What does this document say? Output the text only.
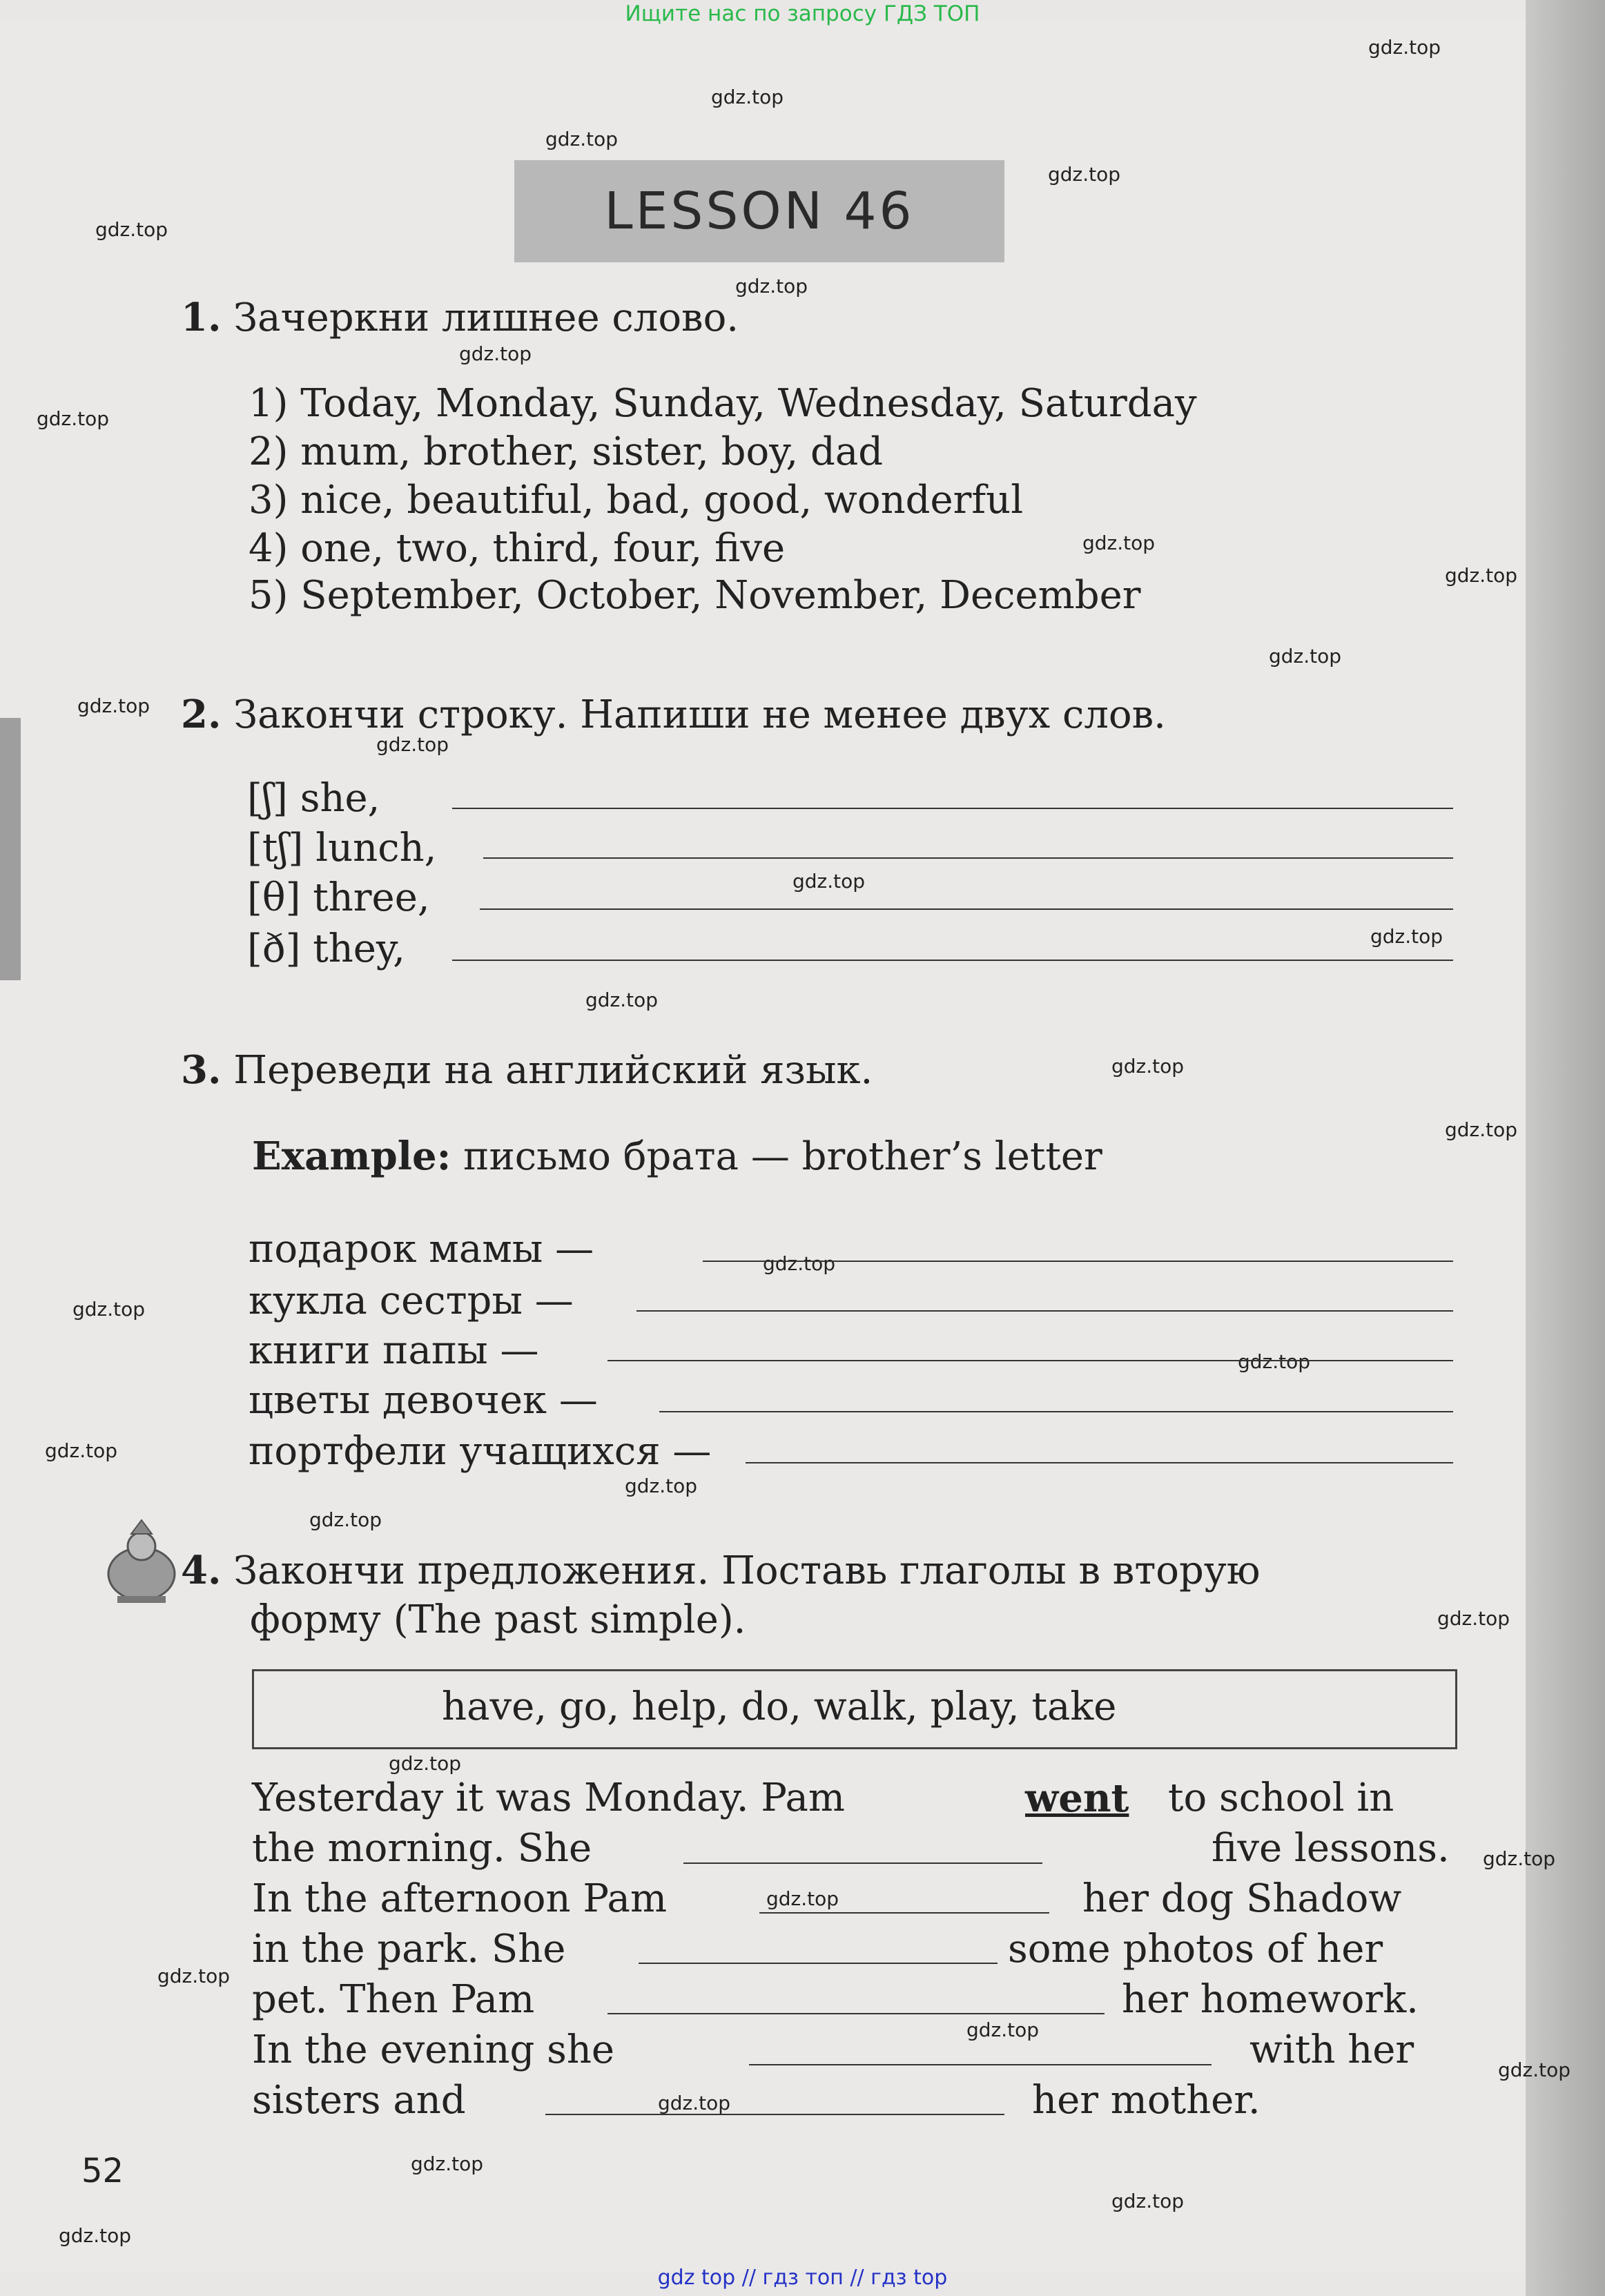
Ищите нас по запросу ГДЗ ТОП
gdz.top
gdz.top
gdz.top
gdz.top
gdz.top
gdz.top
gdz.top
gdz.top
gdz.top
gdz.top
gdz.top
gdz.top
gdz.top
gdz.top
gdz.top
gdz.top
gdz.top
gdz.top
gdz.top
gdz.top
gdz.top
gdz.top
gdz.top
gdz.top
gdz.top
gdz.top
gdz.top
gdz.top
gdz.top
gdz.top
gdz.top
gdz.top
gdz.top
gdz.top
gdz.top
LESSON 46
1. Зачеркни лишнее слово.
1) Today, Monday, Sunday, Wednesday, Saturday
2) mum, brother, sister, boy, dad
3) nice, beautiful, bad, good, wonderful
4) one, two, third, four, five
5) September, October, November, December
2. Закончи строку. Напиши не менее двух слов.
[ʃ] she,
[tʃ] lunch,
[θ] three,
[ð] they,
3. Переведи на английский язык.
Example: письмо брата — brother’s letter
подарок мамы —
кукла сестры —
книги папы —
цветы девочек —
портфели учащихся —
4. Закончи предложения. Поставь глаголы в вторую
форму (The past simple).
have, go, help, do, walk, play, take
Yesterday it was Monday. Pam	went to school in
the morning. She	five lessons.
In the afternoon Pam	her dog Shadow
in the park. She	some photos of her
pet. Then Pam	her homework.
In the evening she	with her
sisters and	her mother.
52
gdz top // гдз топ // гдз top
